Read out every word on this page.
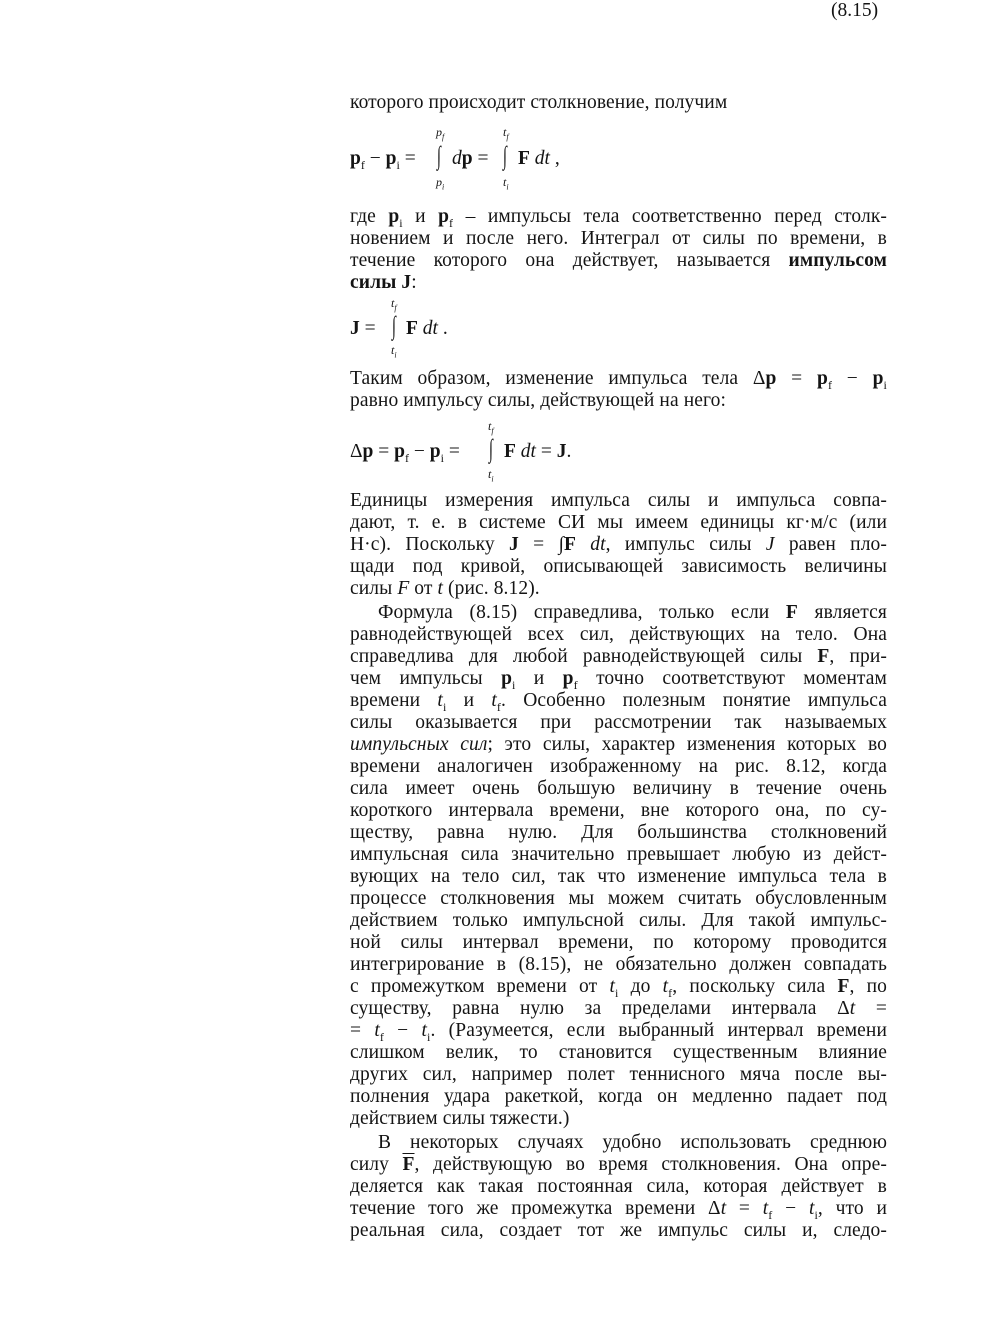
которого происходит столкновение, получим
$p_f - p_i$ =
$p_f$
∫
$p_i$
dp =
$t_f$
∫
$t_i$
F dt ,
где $p_i$ и $p_f$ – импульсы тела соответственно перед столк-
новением и после него. Интеграл от силы по времени, в
течение которого она действует, называется импульсом
силы J:
J =
$t_f$
∫
$t_i$
F dt .
Таким образом, изменение импульса тела $\Delta p = p_f - p_i$
равно импульсу силы, действующей на него:
$\Delta p = p_f - p_i$ =
$t_f$
∫
$t_i$
F dt = J.
(8.15)
Единицы измерения импульса силы и импульса совпа-
дают, т. е. в системе СИ мы имеем единицы кг·м/с (или
Н·с). Поскольку J = ∫F dt, импульс силы J равен пло-
щади под кривой, описывающей зависимость величины
силы F от t (рис. 8.12).
Формула (8.15) справедлива, только если F является
равнодействующей всех сил, действующих на тело. Она
справедлива для любой равнодействующей силы F, при-
чем импульсы $p_i$ и $p_f$ точно соответствуют моментам
времени $t_i$ и $t_f$. Особенно полезным понятие импульса
силы оказывается при рассмотрении так называемых
импульсных сил; это силы, характер изменения которых во
времени аналогичен изображенному на рис. 8.12, когда
сила имеет очень большую величину в течение очень
короткого интервала времени, вне которого она, по су-
ществу, равна нулю. Для большинства столкновений
импульсная сила значительно превышает любую из дейст-
вующих на тело сил, так что изменение импульса тела в
процессе столкновения мы можем считать обусловленным
действием только импульсной силы. Для такой импульс-
ной силы интервал времени, по которому проводится
интегрирование в (8.15), не обязательно должен совпадать
с промежутком времени от $t_i$ до $t_f$, поскольку сила F, по
существу, равна нулю за пределами интервала Δt =
= $t_f - t_i$. (Разумеется, если выбранный интервал времени
слишком велик, то становится существенным влияние
других сил, например полет теннисного мяча после вы-
полнения удара ракеткой, когда он медленно падает под
действием силы тяжести.)
В некоторых случаях удобно использовать среднюю
силу $\overline{F}$, действующую во время столкновения. Она опре-
деляется как такая постоянная сила, которая действует в
течение того же промежутка времени $\Delta t = t_f - t_i$, что и
реальная сила, создает тот же импульс силы и, следо-
